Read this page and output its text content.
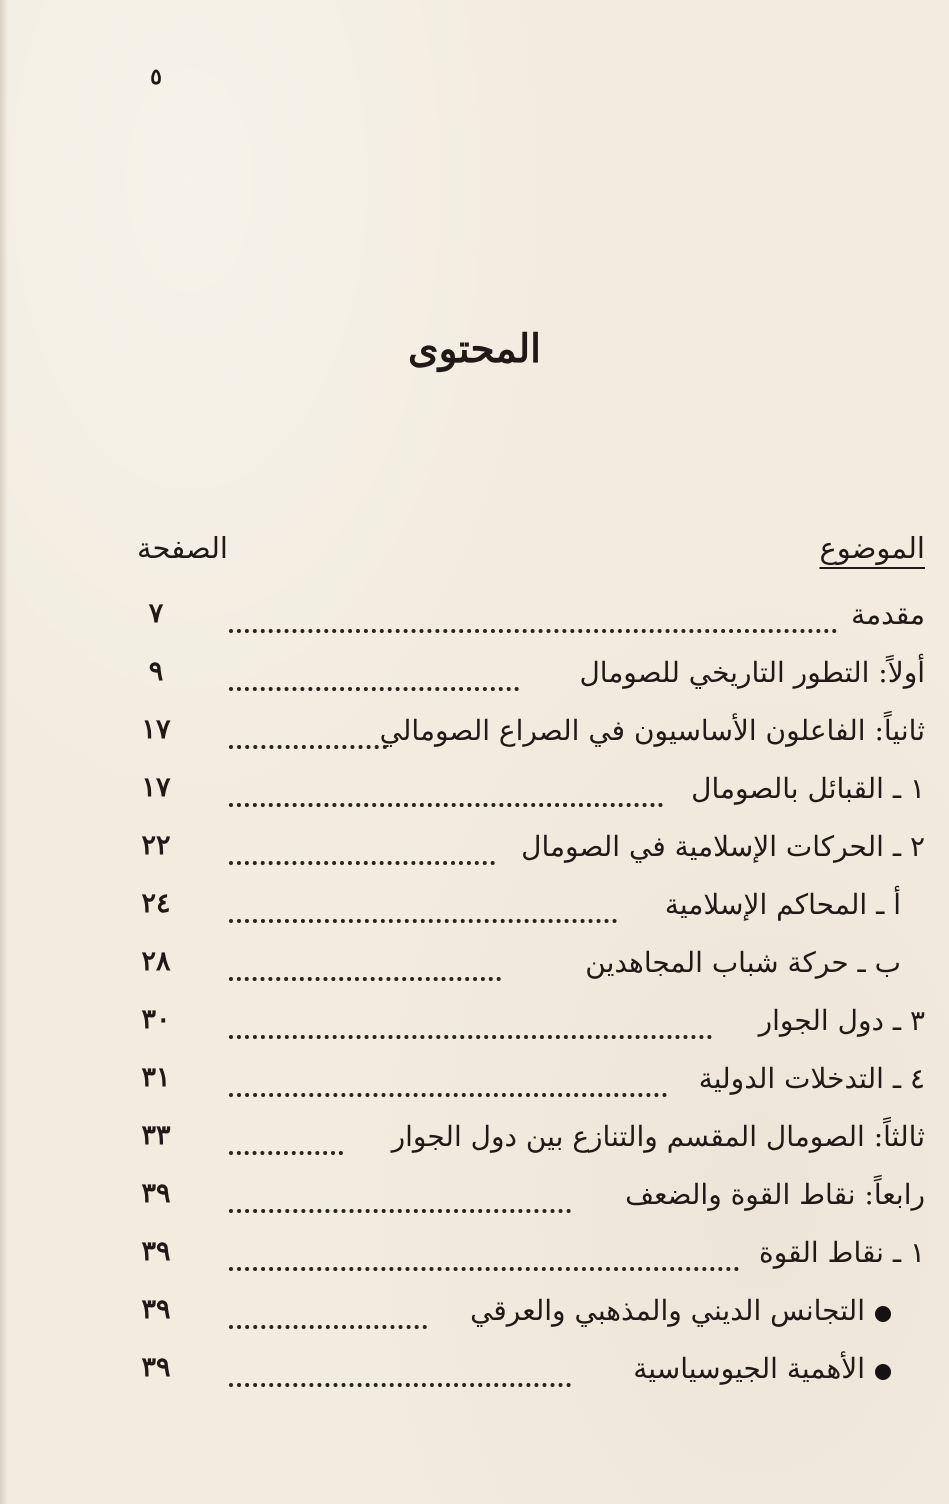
٥
المحتوى
الموضوع
الصفحة
٧	مقدمة
٩	أولاً: التطور التاريخي للصومال
١٧	ثانياً: الفاعلون الأساسيون في الصراع الصومالي
١٧	١ ـ القبائل بالصومال
٢٢	٢ ـ الحركات الإسلامية في الصومال
٢٤	أ ـ المحاكم الإسلامية
٢٨	ب ـ حركة شباب المجاهدين
٣٠	٣ ـ دول الجوار
٣١	٤ ـ التدخلات الدولية
٣٣	ثالثاً: الصومال المقسم والتنازع بين دول الجوار
٣٩	رابعاً: نقاط القوة والضعف
٣٩	١ ـ نقاط القوة
٣٩	التجانس الديني والمذهبي والعرقي
٣٩	الأهمية الجيوسياسية
